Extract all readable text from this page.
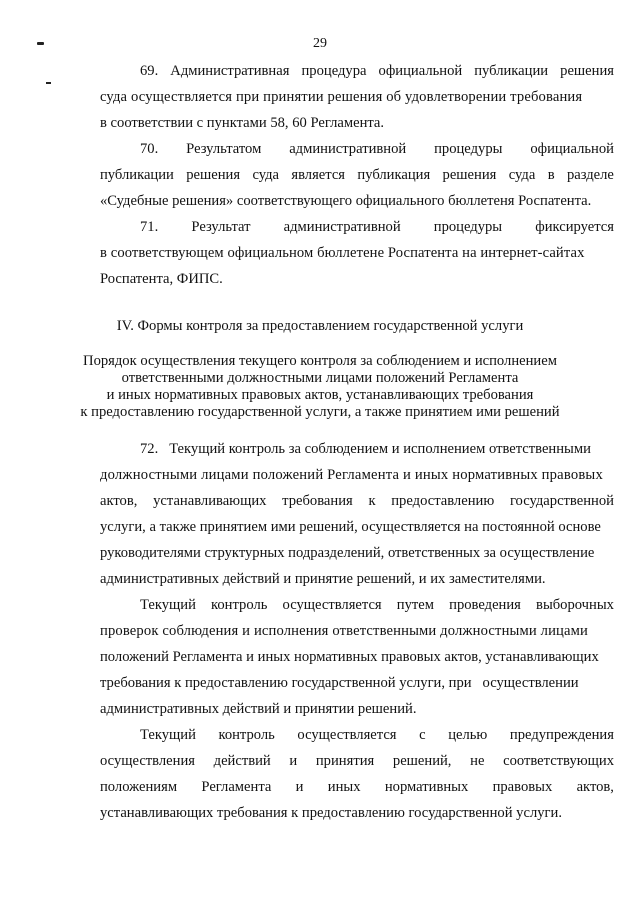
29
69. Административная процедура официальной публикации решения
суда осуществляется при принятии решения об удовлетворении требования
в соответствии с пунктами 58, 60 Регламента.
70. Результатом административной процедуры официальной
публикации решения суда является публикация решения суда в разделе
«Судебные решения» соответствующего официального бюллетеня Роспатента.
71. Результат административной процедуры фиксируется
в соответствующем официальном бюллетене Роспатента на интернет-сайтах
Роспатента, ФИПС.
IV. Формы контроля за предоставлением государственной услуги
Порядок осуществления текущего контроля за соблюдением и исполнением
ответственными должностными лицами положений Регламента
и иных нормативных правовых актов, устанавливающих требования
к предоставлению государственной услуги, а также принятием ими решений
72.   Текущий контроль за соблюдением и исполнением ответственными
должностными лицами положений Регламента и иных нормативных правовых
актов, устанавливающих требования к предоставлению государственной
услуги, а также принятием ими решений, осуществляется на постоянной основе
руководителями структурных подразделений, ответственных за осуществление
административных действий и принятие решений, и их заместителями.
Текущий контроль осуществляется путем проведения выборочных
проверок соблюдения и исполнения ответственными должностными лицами
положений Регламента и иных нормативных правовых актов, устанавливающих
требования к предоставлению государственной услуги, при   осуществлении
административных действий и принятии решений.
Текущий контроль осуществляется с целью предупреждения
осуществления действий и принятия решений, не соответствующих
положениям Регламента и иных нормативных правовых актов,
устанавливающих требования к предоставлению государственной услуги.
